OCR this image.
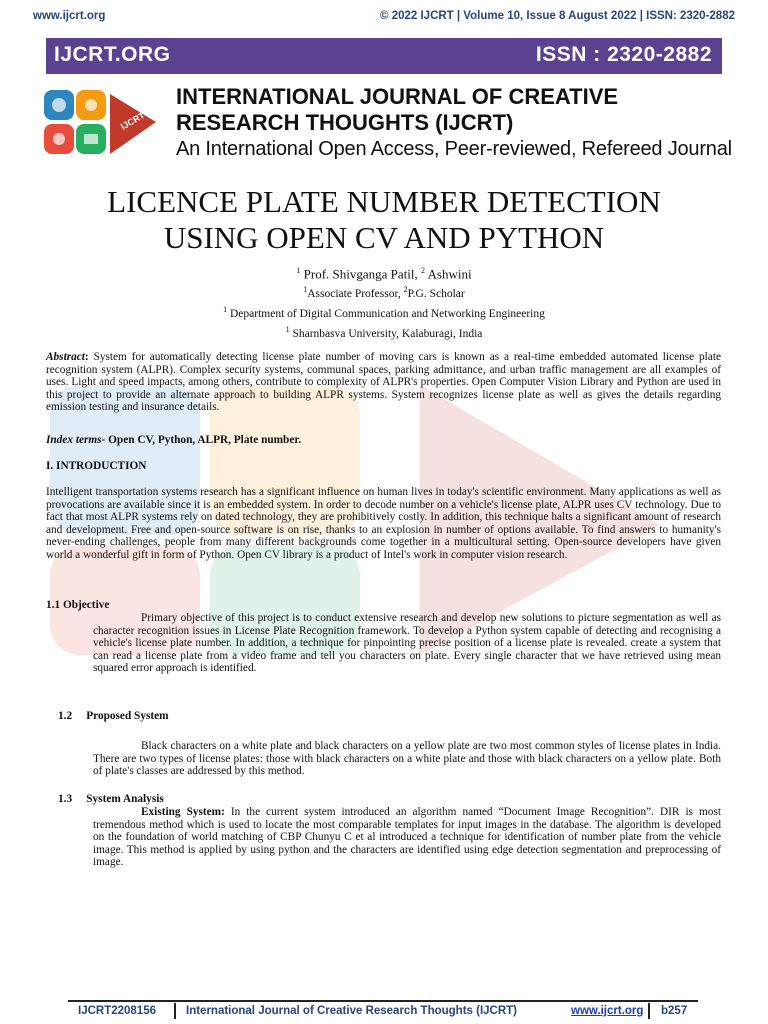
www.ijcrt.org	© 2022 IJCRT | Volume 10, Issue 8 August 2022 | ISSN: 2320-2882
IJCRT.ORG	ISSN : 2320-2882
IJCRT
INTERNATIONAL JOURNAL OF CREATIVE
RESEARCH THOUGHTS (IJCRT)
An International Open Access, Peer-reviewed, Refereed Journal
LICENCE PLATE NUMBER DETECTION
USING OPEN CV AND PYTHON
$^1$ Prof. Shivganga Patil, $^2$ Ashwini
$^1$Associate Professor, $^2$P.G. Scholar
$^1$ Department of Digital Communication and Networking Engineering
$^1$ Sharnbasva University, Kalaburagi, India
Abstract: System for automatically detecting license plate number of moving cars is known as a real-time embedded automated license plate recognition system (ALPR). Complex security systems, communal spaces, parking admittance, and urban traffic management are all examples of uses. Light and speed impacts, among others, contribute to complexity of ALPR's properties. Open Computer Vision Library and Python are used in this project to provide an alternate approach to building ALPR systems. System recognizes license plate as well as gives the details regarding emission testing and insurance details.
Index terms- Open CV, Python, ALPR, Plate number.
I. INTRODUCTION
Intelligent transportation systems research has a significant influence on human lives in today's scientific environment. Many applications as well as provocations are available since it is an embedded system. In order to decode number on a vehicle's license plate, ALPR uses CV technology. Due to fact that most ALPR systems rely on dated technology, they are prohibitively costly. In addition, this technique halts a significant amount of research and development. Free and open-source software is on rise, thanks to an explosion in number of options available. To find answers to humanity's never-ending challenges, people from many different backgrounds come together in a multicultural setting. Open-source developers have given world a wonderful gift in form of Python. Open CV library is a product of Intel's work in computer vision research.
1.1 Objective
Primary objective of this project is to conduct extensive research and develop new solutions to picture segmentation as well as character recognition issues in License Plate Recognition framework. To develop a Python system capable of detecting and recognising a vehicle's license plate number. In addition, a technique for pinpointing precise position of a license plate is revealed. create a system that can read a license plate from a video frame and tell you characters on plate. Every single character that we have retrieved using mean squared error approach is identified.
1.2     Proposed System
Black characters on a white plate and black characters on a yellow plate are two most common styles of license plates in India. There are two types of license plates: those with black characters on a white plate and those with black characters on a yellow plate. Both of plate's classes are addressed by this method.
1.3     System Analysis
Existing System: In the current system introduced an algorithm named “Document Image Recognition”. DIR is most tremendous method which is used to locate the most comparable templates for input images in the database. The algorithm is developed on the foundation of world matching of CBP Chunyu C et al introduced a technique for identification of number plate from the vehicle image. This method is applied by using python and the characters are identified using edge detection segmentation and preprocessing of image.
IJCRT2208156	International Journal of Creative Research Thoughts (IJCRT)	www.ijcrt.org b257
